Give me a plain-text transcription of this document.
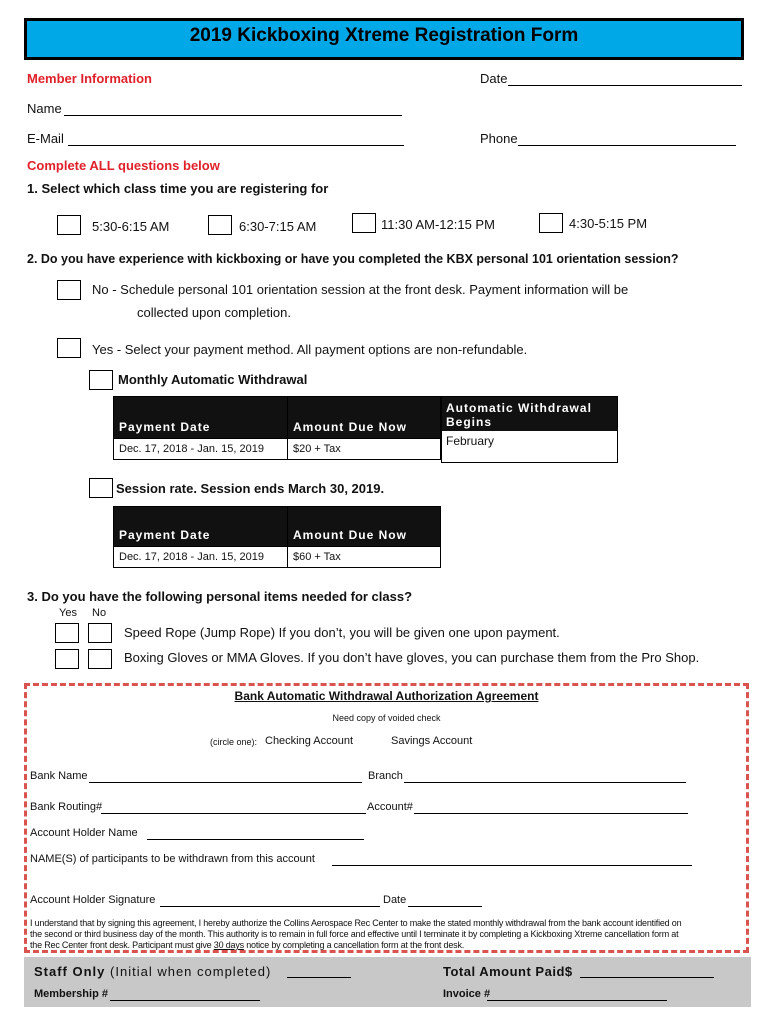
2019 Kickboxing Xtreme Registration Form
Member Information	Date
Name
E-Mail	Phone
Complete ALL questions below
1. Select which class time you are registering for
5:30-6:15 AM	6:30-7:15 AM	11:30 AM-12:15 PM	4:30-5:15 PM
2. Do you have experience with kickboxing or have you completed the KBX personal 101 orientation session?
No - Schedule personal 101 orientation session at the front desk. Payment information will be
collected upon completion.
Yes - Select your payment method. All payment options are non-refundable.
Monthly Automatic Withdrawal
Payment Date	Amount Due Now
Dec. 17, 2018 - Jan. 15, 2019	$20 + Tax
Automatic Withdrawal Begins
February
Session rate. Session ends March 30, 2019.
Payment Date	Amount Due Now
Dec. 17, 2018 - Jan. 15, 2019	$60 + Tax
3. Do you have the following personal items needed for class?
Yes No
Speed Rope (Jump Rope) If you don’t, you will be given one upon payment.
Boxing Gloves or MMA Gloves. If you don’t have gloves, you can purchase them from the Pro Shop.
Bank Automatic Withdrawal Authorization Agreement
Need copy of voided check
(circle one): Checking Account	Savings Account
Bank Name	Branch
Bank Routing#	Account#
Account Holder Name
NAME(S) of participants to be withdrawn from this account
Account Holder Signature	Date
I understand that by signing this agreement, I hereby authorize the Collins Aerospace Rec Center to make the stated monthly withdrawal from the bank account identified on
the second or third business day of the month. This authority is to remain in full force and effective until I terminate it by completing a Kickboxing Xtreme cancellation form at
the Rec Center front desk. Participant must give 30 days notice by completing a cancellation form at the front desk.
Staff Only (Initial when completed)	Total Amount Paid$
Membership #	Invoice #
